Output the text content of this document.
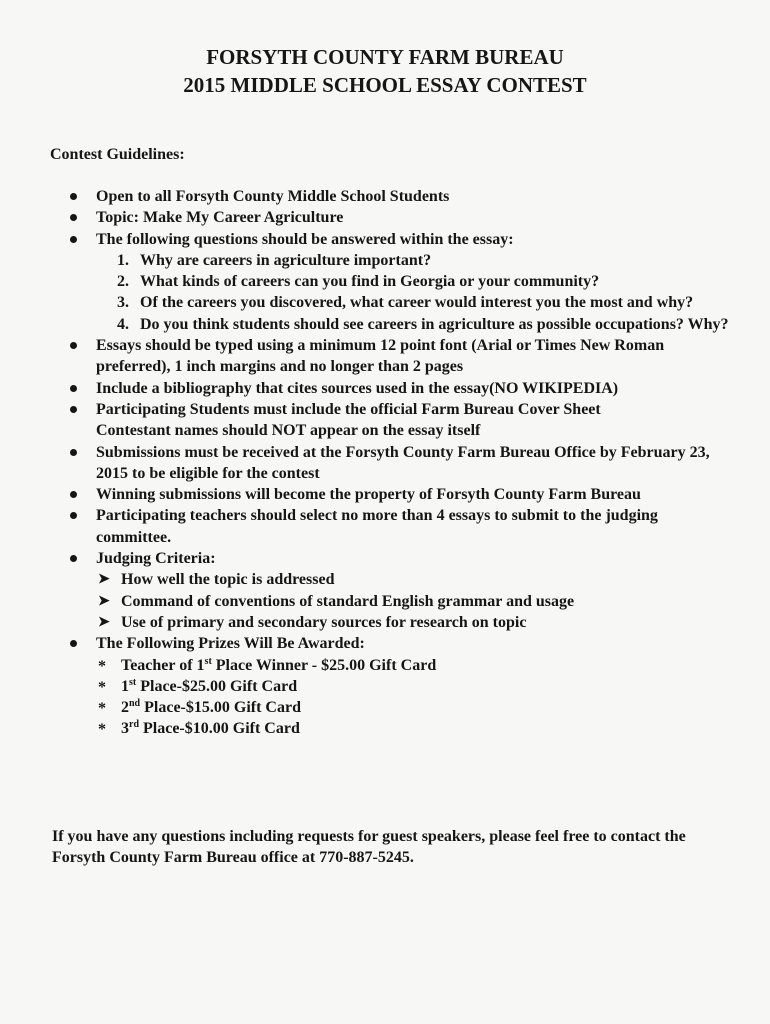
FORSYTH COUNTY FARM BUREAU
2015 MIDDLE SCHOOL ESSAY CONTEST
Contest Guidelines:
Open to all Forsyth County Middle School Students
Topic: Make My Career Agriculture
The following questions should be answered within the essay:
1. Why are careers in agriculture important?
2. What kinds of careers can you find in Georgia or your community?
3. Of the careers you discovered, what career would interest you the most and why?
4. Do you think students should see careers in agriculture as possible occupations? Why?
Essays should be typed using a minimum 12 point font (Arial or Times New Roman preferred), 1 inch margins and no longer than 2 pages
Include a bibliography that cites sources used in the essay(NO WIKIPEDIA)
Participating Students must include the official Farm Bureau Cover Sheet
Contestant names should NOT appear on the essay itself
Submissions must be received at the Forsyth County Farm Bureau Office by February 23, 2015 to be eligible for the contest
Winning submissions will become the property of Forsyth County Farm Bureau
Participating teachers should select no more than 4 essays to submit to the judging committee.
Judging Criteria:
➤ How well the topic is addressed
➤ Command of conventions of standard English grammar and usage
➤ Use of primary and secondary sources for research on topic
The Following Prizes Will Be Awarded:
* Teacher of 1st Place Winner - $25.00 Gift Card
* 1st Place-$25.00 Gift Card
* 2nd Place-$15.00 Gift Card
* 3rd Place-$10.00 Gift Card
If you have any questions including requests for guest speakers, please feel free to contact the Forsyth County Farm Bureau office at 770-887-5245.
